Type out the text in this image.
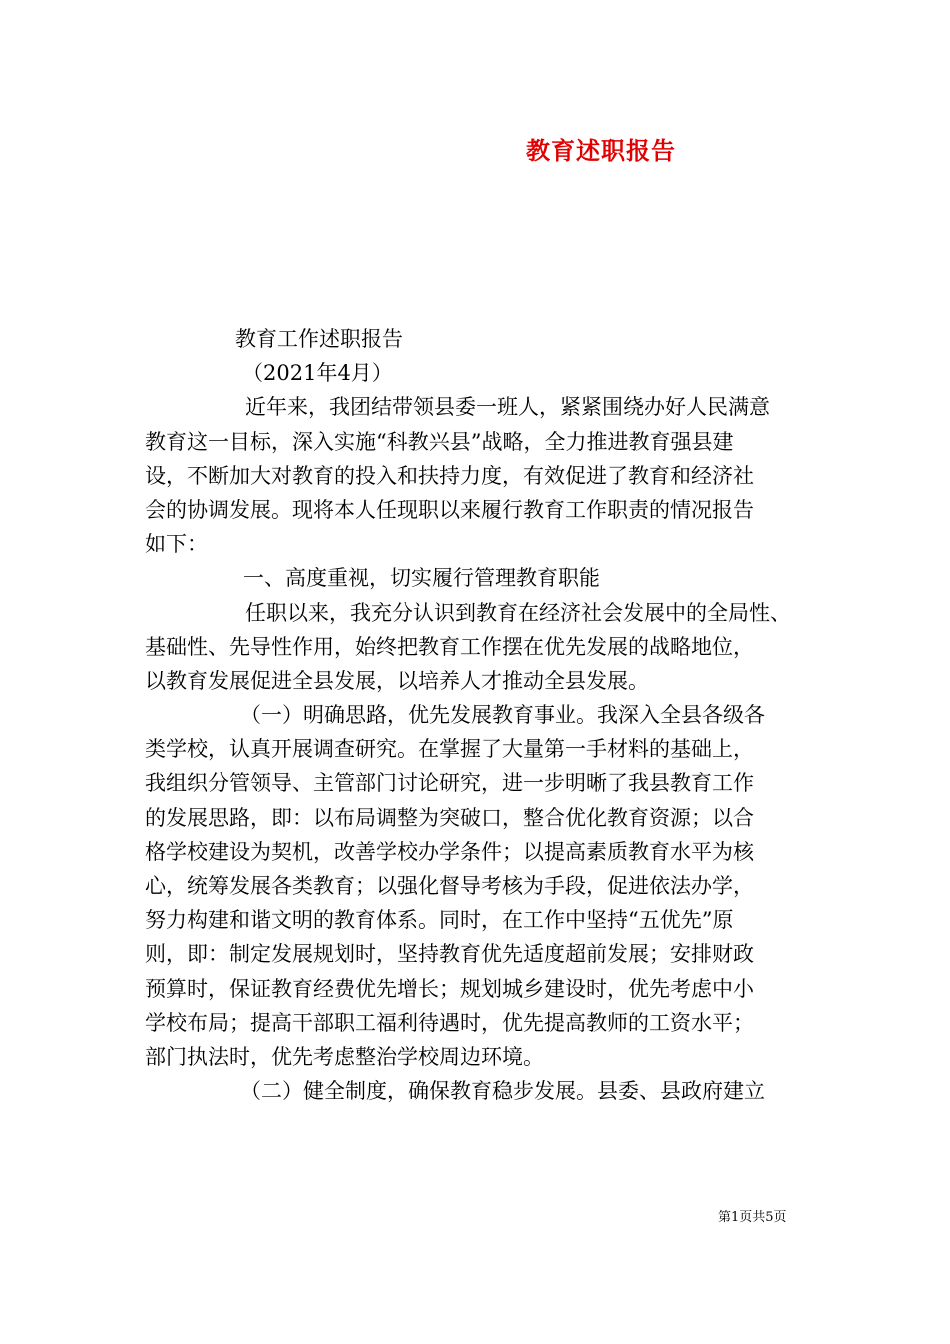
教育述职报告
教育工作述职报告
（2021年4月）
近年来，我团结带领县委一班人，紧紧围绕办好人民满意
教育这一目标，深入实施“科教兴县”战略，全力推进教育强县建
设，不断加大对教育的投入和扶持力度，有效促进了教育和经济社
会的协调发展。现将本人任现职以来履行教育工作职责的情况报告
如下：
一、高度重视，切实履行管理教育职能
任职以来，我充分认识到教育在经济社会发展中的全局性、
基础性、先导性作用，始终把教育工作摆在优先发展的战略地位，
以教育发展促进全县发展，以培养人才推动全县发展。
（一）明确思路，优先发展教育事业。我深入全县各级各
类学校，认真开展调查研究。在掌握了大量第一手材料的基础上，
我组织分管领导、主管部门讨论研究，进一步明晰了我县教育工作
的发展思路，即：以布局调整为突破口，整合优化教育资源；以合
格学校建设为契机，改善学校办学条件；以提高素质教育水平为核
心，统筹发展各类教育；以强化督导考核为手段，促进依法办学，
努力构建和谐文明的教育体系。同时，在工作中坚持“五优先”原
则，即：制定发展规划时，坚持教育优先适度超前发展；安排财政
预算时，保证教育经费优先增长；规划城乡建设时，优先考虑中小
学校布局；提高干部职工福利待遇时，优先提高教师的工资水平；
部门执法时，优先考虑整治学校周边环境。
（二）健全制度，确保教育稳步发展。县委、县政府建立
第1页共5页
